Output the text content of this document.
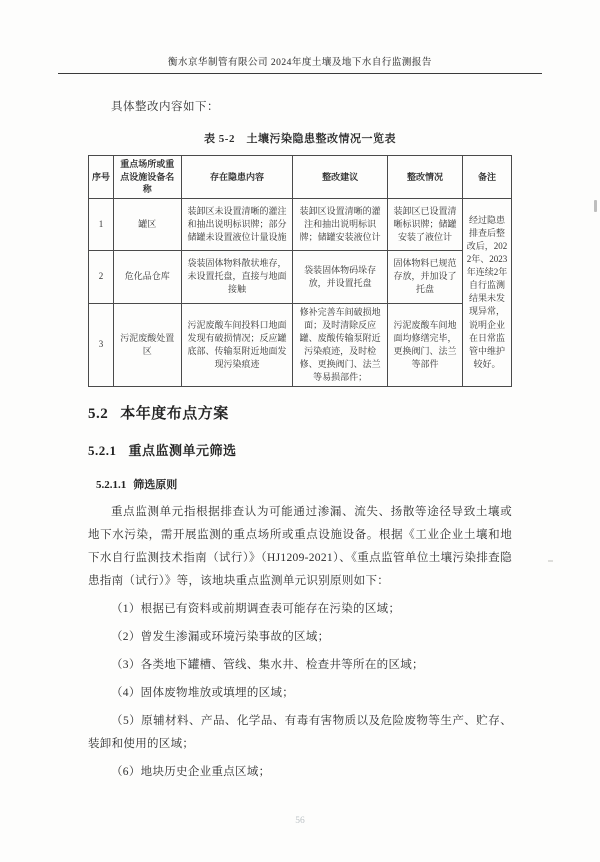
衡水京华制管有限公司 2024年度土壤及地下水自行监测报告

具体整改内容如下：

表 5-2　土壤污染隐患整改情况一览表

序号	重点场所或重点设施设备名称	存在隐患内容	整改建议	整改情况	备注
1	罐区	装卸区未设置清晰的灌注和抽出说明标识牌；部分储罐未设置液位计量设施	装卸区设置清晰的灌注和抽出说明标识牌；储罐安装液位计	装卸区已设置清晰标识牌；储罐安装了液位计	经过隐患排查后整改后，2022年、2023年连续2年自行监测结果未发现异常，说明企业在日常监管中维护较好。
2	危化品仓库	袋装固体物料散状堆存，未设置托盘，直接与地面接触	袋装固体物码垛存放，并设置托盘	固体物料已规范存放，并加设了托盘	
3	污泥废酸处置区	污泥废酸车间投料口地面发现有破损情况；反应罐底部、传输泵附近地面发现污染痕迹	修补完善车间破损地面；及时清除反应罐、废酸传输泵附近污染痕迹，及时检修、更换阀门、法兰等易损部件；	污泥废酸车间地面均修缮完毕，更换阀门、法兰等部件	
5.2 本年度布点方案
5.2.1 重点监测单元筛选
5.2.1.1 筛选原则

重点监测单元指根据排查认为可能通过渗漏、流失、扬散等途径导致土壤或地下水污染，需开展监测的重点场所或重点设施设备。根据《工业企业土壤和地下水自行监测技术指南（试行）》（HJ1209-2021）、《重点监管单位土壤污染排查隐患指南（试行）》等，该地块重点监测单元识别原则如下：

（1）根据已有资料或前期调查表可能存在污染的区域；

（2）曾发生渗漏或环境污染事故的区域；

（3）各类地下罐槽、管线、集水井、检查井等所在的区域；

（4）固体废物堆放或填埋的区域；

（5）原辅材料、产品、化学品、有毒有害物质以及危险废物等生产、贮存、装卸和使用的区域；

（6）地块历史企业重点区域；

56
